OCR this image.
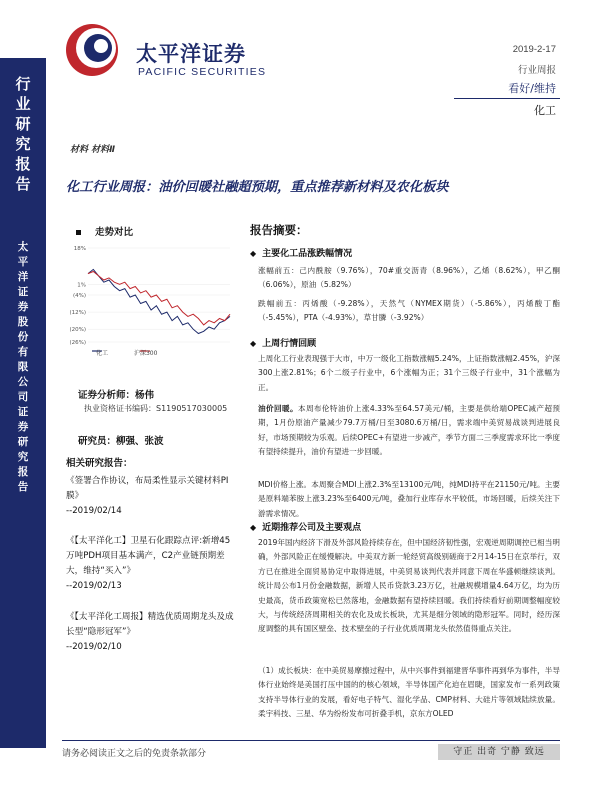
太平洋证券
PACIFIC SECURITIES
2019-2-17
行业周报
看好/维持
化工
行业研究报告
太平洋证券股份有限公司证券研究报告
材料 材料Ⅱ
化工行业周报：油价回暖社融超预期，重点推荐新材料及农化板块
走势对比
18%
1%
(4%)
(12%)
(20%)
(26%)
化工	沪深300
证券分析师：杨伟
执业资格证书编码：S1190517030005
研究员：柳强、张波
相关研究报告：
《签署合作协议，布局柔性显示关键材料PI膜》
--2019/02/14
《【太平洋化工】卫星石化跟踪点评:新增45万吨PDH项目基本满产，C2产业链预期差大，维持“买入”》
--2019/02/13
《【太平洋化工周报】精选优质周期龙头及成长型“隐形冠军”》
--2019/02/10
报告摘要：
◆ 主要化工品涨跌幅情况
涨幅前五：己内酰胺（9.76%），70#重交沥青（8.96%），乙烯（8.62%），甲乙酮（6.06%），原油（5.82%）
跌幅前五：丙烯酸（-9.28%），天然气（NYMEX期货）（-5.86%），丙烯酸丁酯（-5.45%），PTA（-4.93%），草甘膦（-3.92%）
◆ 上周行情回顾
上周化工行业表现强于大市，中万一级化工指数涨幅5.24%，上证指数涨幅2.45%，沪深300上涨2.81%；6个二级子行业中，6个涨幅为正；31个三级子行业中，31个涨幅为正。
油价回暖。本周布伦特油价上涨4.33%至64.57美元/桶，主要是供给端OPEC减产超预期，1月份原油产量减少79.7万桶/日至3080.6万桶/日，需求端中美贸易战谈判进展良好，市场预期较为乐观。后续OPEC+有望进一步减产，季节方面二三季度需求环比一季度有望持续提升，油价有望进一步回暖。
MDI价格上涨。本周聚合MDI上涨2.3%至13100元/吨，纯MDI持平在21150元/吨。主要是原料端苯胺上涨3.23%至6400元/吨，叠加行业库存水平较低，市场回暖，后续关注下游需求情况。
◆ 近期推荐公司及主要观点
2019年国内经济下滑及外部风险持续存在，但中国经济韧性强，宏观逆周期调控已相当明确，外部风险正在缓慢解决。中美双方新一轮经贸高级别磋商于2月14-15日在京举行，双方已在推进全面贸易协定中取得进展，中美贸易谈判代表并同意下周在华盛顿继续谈判。统计局公布1月份金融数据，新增人民币贷款3.23万亿，社融规模增量4.64万亿，均为历史最高，货币政策宽松已然落地，金融数据有望持续回暖。我们持续看好前期调整幅度较大，与传统经济周期相关的农化及成长板块，尤其是细分领域的隐形冠军。同时，经历深度调整的具有国区壁垒、技术壁垒的子行业优质周期龙头依然值得重点关注。
（1）成长板块：在中美贸易摩擦过程中，从中兴事件到福建晋华事件再到华为事件，半导体行业始终是美国打压中国的的核心领域，半导体国产化迫在眉睫，国家发布一系列政策支持半导体行业的发展，看好电子特气、湿化学品、CMP材料、大硅片等领域陆续放量。柔宇科技、三星、华为纷纷发布可折叠手机，京东方OLED
请务必阅读正文之后的免责条款部分	守正 出奇 宁静 致远
